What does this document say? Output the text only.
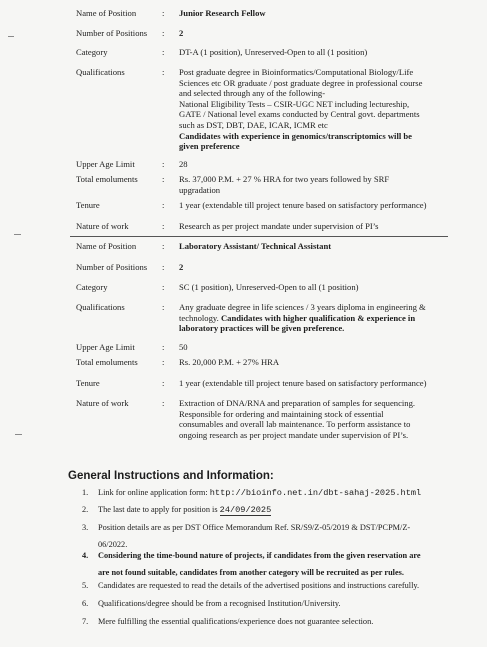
Name of Position	:	Junior Research Fellow
Number of Positions	:	2
Category	:	DT-A (1 position), Unreserved-Open to all (1 position)
Qualifications	:	Post graduate degree in Bioinformatics/Computational Biology/Life
Sciences etc OR graduate / post graduate degree in professional course
and selected through any of the following-
National Eligibility Tests – CSIR-UGC NET including lectureship,
GATE / National level exams conducted by Central govt. departments
such as DST, DBT, DAE, ICAR, ICMR etc
Candidates with experience in genomics/transcriptomics will be
given preference
Upper Age Limit	:	28
Total emoluments	:	Rs. 37,000 P.M. + 27 % HRA for two years followed by SRF
upgradation
Tenure	:	1 year (extendable till project tenure based on satisfactory performance)
Nature of work	:	Research as per project mandate under supervision of PI’s
Name of Position	:	Laboratory Assistant/ Technical Assistant
Number of Positions	:	2
Category	:	SC (1 position), Unreserved-Open to all (1 position)
Qualifications	:	Any graduate degree in life sciences / 3 years diploma in engineering &
technology. Candidates with higher qualification & experience in
laboratory practices will be given preference.
Upper Age Limit	:	50
Total emoluments	:	Rs. 20,000 P.M. + 27% HRA
Tenure	:	1 year (extendable till project tenure based on satisfactory performance)
Nature of work	:	Extraction of DNA/RNA and preparation of samples for sequencing.
Responsible for ordering and maintaining stock of essential
consumables and overall lab maintenance. To perform assistance to
ongoing research as per project mandate under supervision of PI’s.
General Instructions and Information:
1.	Link for online application form: http://bioinfo.net.in/dbt-sahaj-2025.html
2.	The last date to apply for position is 24/09/2025
3.	Position details are as per DST Office Memorandum Ref. SR/S9/Z-05/2019 & DST/PCPM/Z-
06/2022.
4.	Considering the time-bound nature of projects, if candidates from the given reservation are
are not found suitable, candidates from another category will be recruited as per rules.
5.	Candidates are requested to read the details of the advertised positions and instructions carefully.
6.	Qualifications/degree should be from a recognised Institution/University.
7.	Mere fulfilling the essential qualifications/experience does not guarantee selection.
